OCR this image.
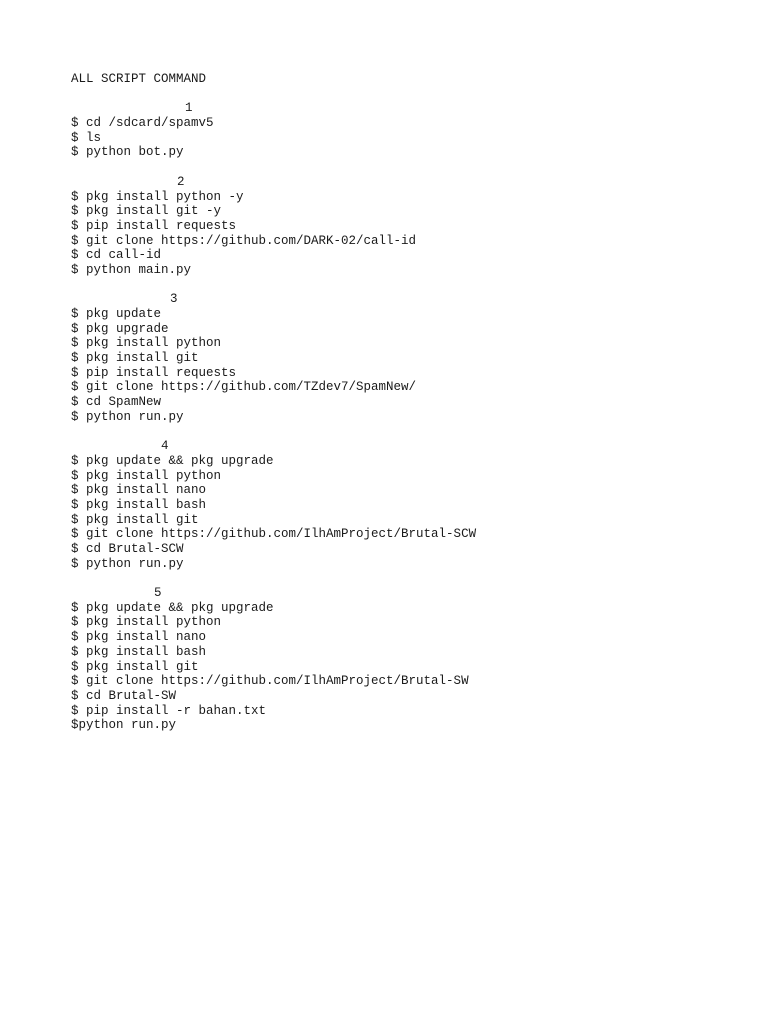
ALL SCRIPT COMMAND
1
$ cd /sdcard/spamv5
$ ls
$ python bot.py
2
$ pkg install python -y
$ pkg install git -y
$ pip install requests
$ git clone https://github.com/DARK-02/call-id
$ cd call-id
$ python main.py
3
$ pkg update
$ pkg upgrade
$ pkg install python
$ pkg install git
$ pip install requests
$ git clone https://github.com/TZdev7/SpamNew/
$ cd SpamNew
$ python run.py
4
$ pkg update && pkg upgrade
$ pkg install python
$ pkg install nano
$ pkg install bash
$ pkg install git
$ git clone https://github.com/IlhAmProject/Brutal-SCW
$ cd Brutal-SCW
$ python run.py
5
$ pkg update && pkg upgrade
$ pkg install python
$ pkg install nano
$ pkg install bash
$ pkg install git
$ git clone https://github.com/IlhAmProject/Brutal-SW
$ cd Brutal-SW
$ pip install -r bahan.txt
$python run.py
